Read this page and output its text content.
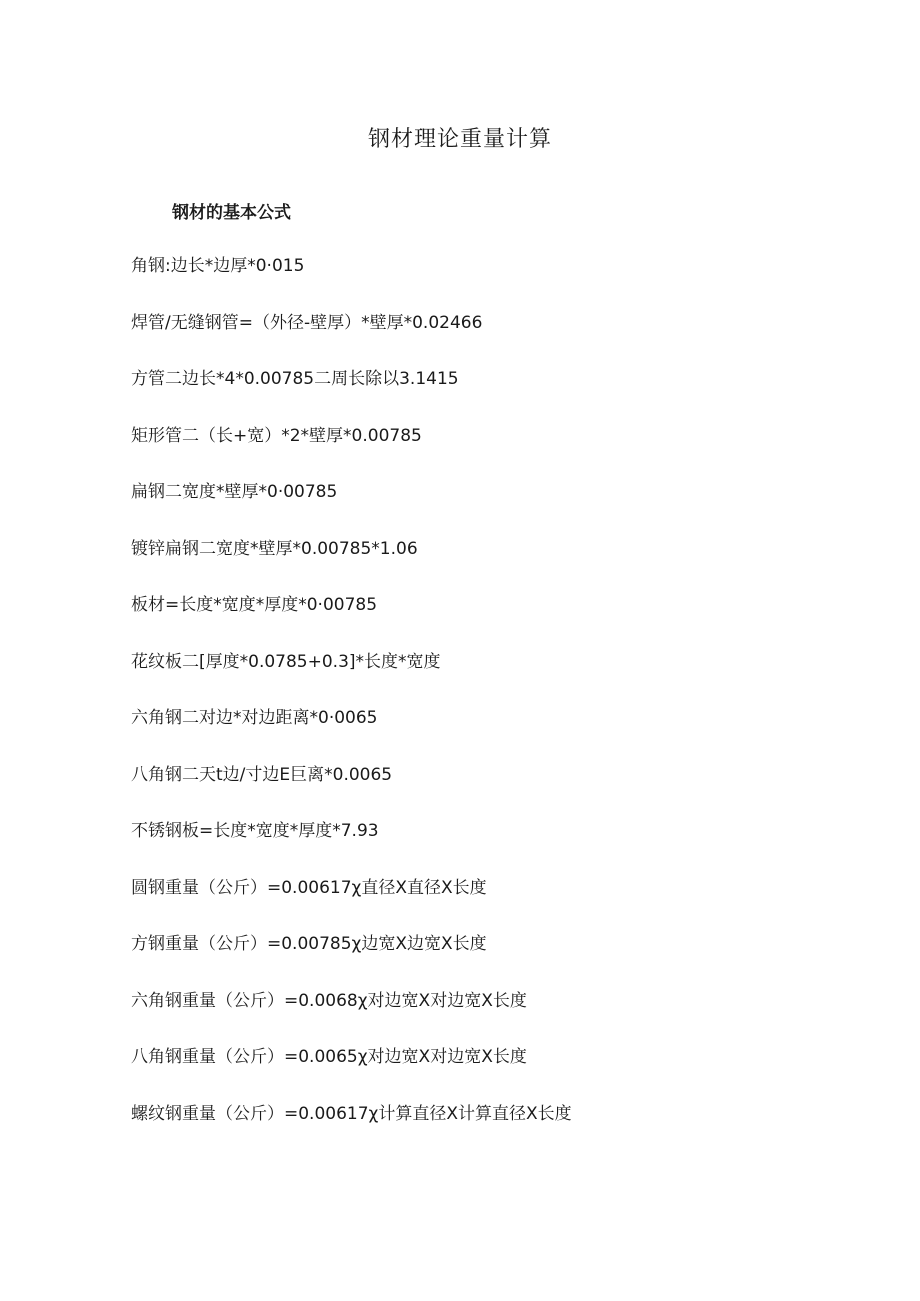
钢材理论重量计算
钢材的基本公式
角钢:边长*边厚*0·015
焊管/无缝钢管=（外径-壁厚）*壁厚*0.02466
方管二边长*4*0.00785二周长除以3.1415
矩形管二（长+宽）*2*壁厚*0.00785
扁钢二宽度*壁厚*0·00785
镀锌扁钢二宽度*壁厚*0.00785*1.06
板材=长度*宽度*厚度*0·00785
花纹板二[厚度*0.0785+0.3]*长度*宽度
六角钢二对边*对边距离*0·0065
八角钢二天t边/寸边E巨离*0.0065
不锈钢板=长度*宽度*厚度*7.93
圆钢重量（公斤）=0.00617χ直径X直径X长度
方钢重量（公斤）=0.00785χ边宽X边宽X长度
六角钢重量（公斤）=0.0068χ对边宽X对边宽X长度
八角钢重量（公斤）=0.0065χ对边宽X对边宽X长度
螺纹钢重量（公斤）=0.00617χ计算直径X计算直径X长度
